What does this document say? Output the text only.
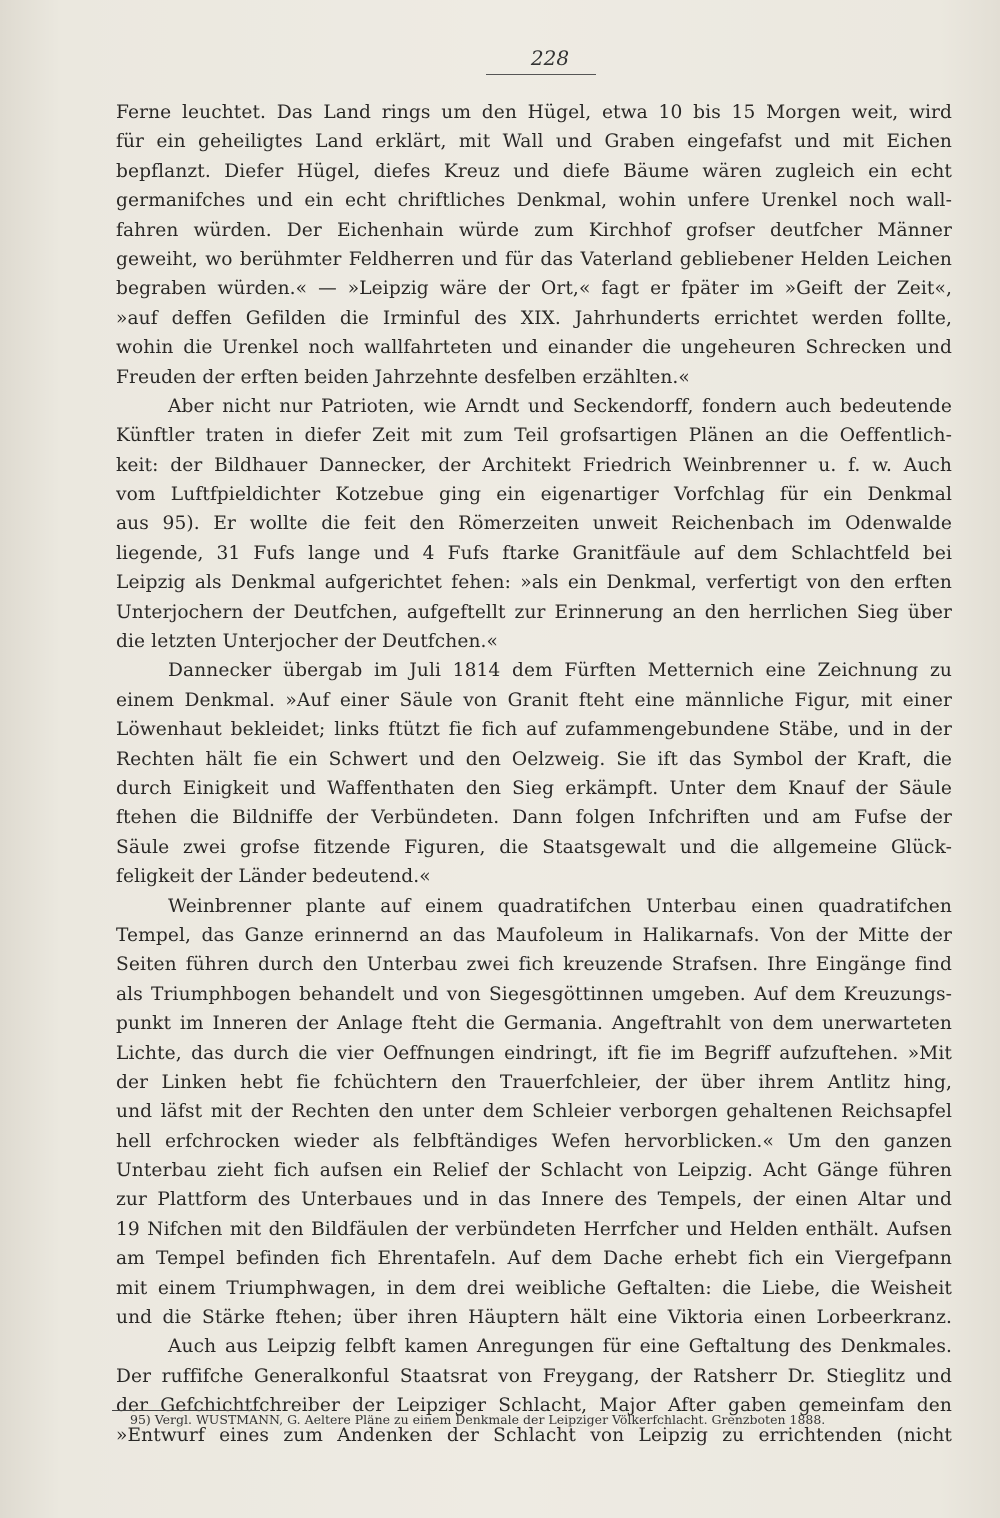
228
Ferne leuchtet. Das Land rings um den Hügel, etwa 10 bis 15 Morgen weit, wird
für ein geheiligtes Land erklärt, mit Wall und Graben eingefafst und mit Eichen
bepflanzt. Diefer Hügel, diefes Kreuz und diefe Bäume wären zugleich ein echt
germanifches und ein echt chriftliches Denkmal, wohin unfere Urenkel noch wall-
fahren würden. Der Eichenhain würde zum Kirchhof grofser deutfcher Männer
geweiht, wo berühmter Feldherren und für das Vaterland gebliebener Helden Leichen
begraben würden.« — »Leipzig wäre der Ort,« fagt er fpäter im »Geift der Zeit«,
»auf deffen Gefilden die Irminful des XIX. Jahrhunderts errichtet werden follte,
wohin die Urenkel noch wallfahrteten und einander die ungeheuren Schrecken und
Freuden der erften beiden Jahrzehnte desfelben erzählten.«
Aber nicht nur Patrioten, wie Arndt und Seckendorff, fondern auch bedeutende
Künftler traten in diefer Zeit mit zum Teil grofsartigen Plänen an die Oeffentlich-
keit: der Bildhauer Dannecker, der Architekt Friedrich Weinbrenner u. f. w. Auch
vom Luftfpieldichter Kotzebue ging ein eigenartiger Vorfchlag für ein Denkmal
aus 95). Er wollte die feit den Römerzeiten unweit Reichenbach im Odenwalde
liegende, 31 Fufs lange und 4 Fufs ftarke Granitfäule auf dem Schlachtfeld bei
Leipzig als Denkmal aufgerichtet fehen: »als ein Denkmal, verfertigt von den erften
Unterjochern der Deutfchen, aufgeftellt zur Erinnerung an den herrlichen Sieg über
die letzten Unterjocher der Deutfchen.«
Dannecker übergab im Juli 1814 dem Fürften Metternich eine Zeichnung zu
einem Denkmal. »Auf einer Säule von Granit fteht eine männliche Figur, mit einer
Löwenhaut bekleidet; links ftützt fie fich auf zufammengebundene Stäbe, und in der
Rechten hält fie ein Schwert und den Oelzweig. Sie ift das Symbol der Kraft, die
durch Einigkeit und Waffenthaten den Sieg erkämpft. Unter dem Knauf der Säule
ftehen die Bildniffe der Verbündeten. Dann folgen Infchriften und am Fufse der
Säule zwei grofse fitzende Figuren, die Staatsgewalt und die allgemeine Glück-
feligkeit der Länder bedeutend.«
Weinbrenner plante auf einem quadratifchen Unterbau einen quadratifchen
Tempel, das Ganze erinnernd an das Maufoleum in Halikarnafs. Von der Mitte der
Seiten führen durch den Unterbau zwei fich kreuzende Strafsen. Ihre Eingänge find
als Triumphbogen behandelt und von Siegesgöttinnen umgeben. Auf dem Kreuzungs-
punkt im Inneren der Anlage fteht die Germania. Angeftrahlt von dem unerwarteten
Lichte, das durch die vier Oeffnungen eindringt, ift fie im Begriff aufzuftehen. »Mit
der Linken hebt fie fchüchtern den Trauerfchleier, der über ihrem Antlitz hing,
und läfst mit der Rechten den unter dem Schleier verborgen gehaltenen Reichsapfel
hell erfchrocken wieder als felbftändiges Wefen hervorblicken.« Um den ganzen
Unterbau zieht fich aufsen ein Relief der Schlacht von Leipzig. Acht Gänge führen
zur Plattform des Unterbaues und in das Innere des Tempels, der einen Altar und
19 Nifchen mit den Bildfäulen der verbündeten Herrfcher und Helden enthält. Aufsen
am Tempel befinden fich Ehrentafeln. Auf dem Dache erhebt fich ein Viergefpann
mit einem Triumphwagen, in dem drei weibliche Geftalten: die Liebe, die Weisheit
und die Stärke ftehen; über ihren Häuptern hält eine Viktoria einen Lorbeerkranz.
Auch aus Leipzig felbft kamen Anregungen für eine Geftaltung des Denkmales.
Der ruffifche Generalkonful Staatsrat von Freygang, der Ratsherr Dr. Stieglitz und
der Gefchichtfchreiber der Leipziger Schlacht, Major After gaben gemeinfam den
»Entwurf eines zum Andenken der Schlacht von Leipzig zu errichtenden (nicht
95) Vergl. WUSTMANN, G. Aeltere Pläne zu einem Denkmale der Leipziger Völkerfchlacht. Grenzboten 1888.
